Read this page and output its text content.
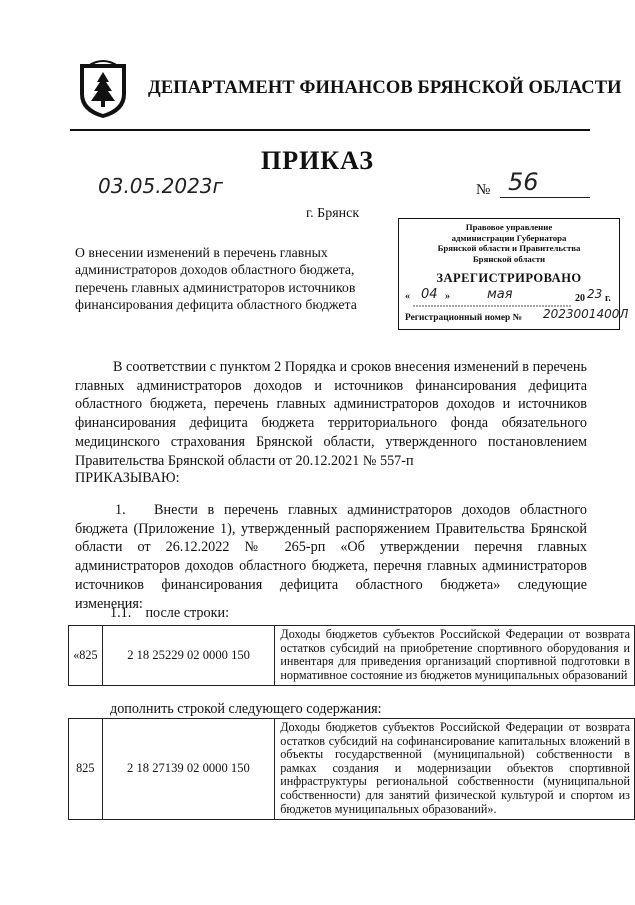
ДЕПАРТАМЕНТ ФИНАНСОВ БРЯНСКОЙ ОБЛАСТИ
ПРИКАЗ
03.05.2023г	№ 56
г. Брянск
О внесении изменений в перечень главных администраторов доходов областного бюджета, перечень главных администраторов источников финансирования дефицита областного бюджета
Правовое управление
администрации Губернатора
Брянской области и Правительства
Брянской области
ЗАРЕГИСТРИРОВАНО
« 04 »	мая	20 23 г.
Регистрационный номер № 2023001400Л
В соответствии с пунктом 2 Порядка и сроков внесения изменений в перечень главных администраторов доходов и источников финансирования дефицита областного бюджета, перечень главных администраторов доходов и источников финансирования дефицита бюджета территориального фонда обязательного медицинского страхования Брянской области, утвержденного постановлением Правительства Брянской области от 20.12.2021 № 557-п
ПРИКАЗЫВАЮ:
1.  Внести в перечень главных администраторов доходов областного бюджета (Приложение 1), утвержденный распоряжением Правительства Брянской области от 26.12.2022 № 265-рп «Об утверждении перечня главных администраторов доходов областного бюджета, перечня главных администраторов источников финансирования дефицита областного бюджета» следующие изменения:
1.1. после строки:
«825	2 18 25229 02 0000 150	Доходы бюджетов субъектов Российской Федерации от возврата остатков субсидий на приобретение спортивного оборудования и инвентаря для приведения организаций спортивной подготовки в нормативное состояние из бюджетов муниципальных образований
дополнить строкой следующего содержания:
825	2 18 27139 02 0000 150	Доходы бюджетов субъектов Российской Федерации от возврата остатков субсидий на софинансирование капитальных вложений в объекты государственной (муниципальной) собственности в рамках создания и модернизации объектов спортивной инфраструктуры региональной собственности (муниципальной собственности) для занятий физической культурой и спортом из бюджетов муниципальных образований».
